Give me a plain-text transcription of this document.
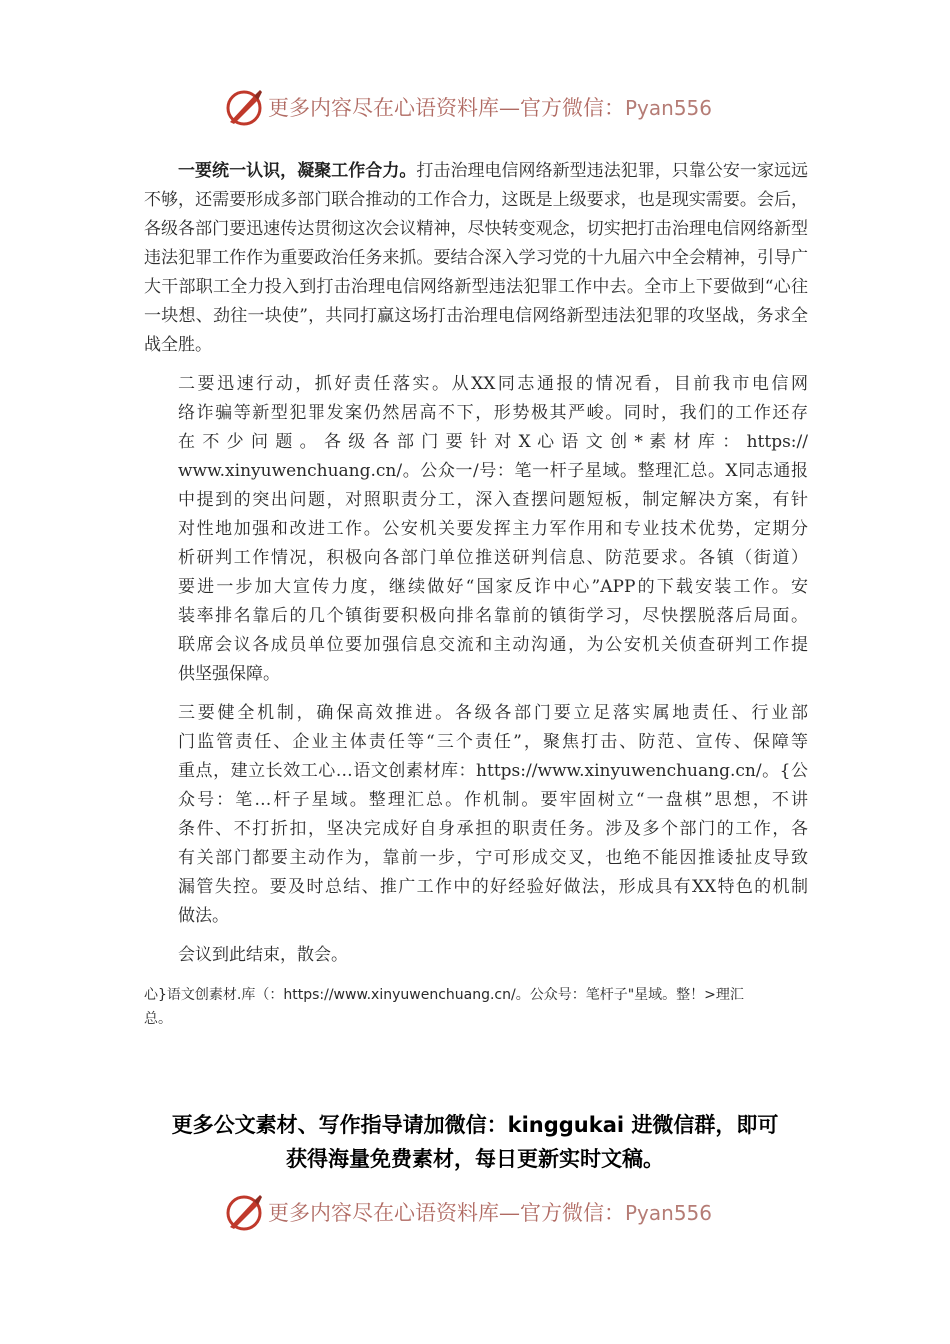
更多内容尽在心语资料库—官方微信：Pyan556

一要统一认识，凝聚工作合力。打击治理电信网络新型违法犯罪，只靠公安一家远远不够，还需要形成多部门联合推动的工作合力，这既是上级要求，也是现实需要。会后，各级各部门要迅速传达贯彻这次会议精神，尽快转变观念，切实把打击治理电信网络新型违法犯罪工作作为重要政治任务来抓。要结合深入学习党的十九届六中全会精神，引导广大干部职工全力投入到打击治理电信网络新型违法犯罪工作中去。全市上下要做到“心往一块想、劲往一块使”，共同打赢这场打击治理电信网络新型违法犯罪的攻坚战，务求全战全胜。

二要迅速行动，抓好责任落实。从XX同志通报的情况看，目前我市电信网
络诈骗等新型犯罪发案仍然居高不下，形势极其严峻。同时，我们的工作还存
在 不 少 问 题 。 各 级 各 部 门 要 针 对 X 心 语 文 创 * 素 材 库 ： https://
www.xinyuwenchuang.cn/。公众一/号：笔一杆子星域。整理汇总。X同志通报
中提到的突出问题，对照职责分工，深入查摆问题短板，制定解决方案，有针
对性地加强和改进工作。公安机关要发挥主力军作用和专业技术优势，定期分
析研判工作情况，积极向各部门单位推送研判信息、防范要求。各镇（街道）
要进一步加大宣传力度，继续做好“国家反诈中心”APP的下载安装工作。安
装率排名靠后的几个镇街要积极向排名靠前的镇街学习，尽快摆脱落后局面。
联席会议各成员单位要加强信息交流和主动沟通，为公安机关侦查研判工作提
供坚强保障。
三要健全机制，确保高效推进。各级各部门要立足落实属地责任、行业部
门监管责任、企业主体责任等“三个责任”，聚焦打击、防范、宣传、保障等
重点，建立长效工心…语文创素材库：https://www.xinyuwenchuang.cn/。{公
众号：笔…杆子星域。整理汇总。作机制。要牢固树立“一盘棋”思想，不讲
条件、不打折扣，坚决完成好自身承担的职责任务。涉及多个部门的工作，各
有关部门都要主动作为，靠前一步，宁可形成交叉，也绝不能因推诿扯皮导致
漏管失控。要及时总结、推广工作中的好经验好做法，形成具有XX特色的机制
做法。

会议到此结束，散会。

心}语文创素材.库（：https://www.xinyuwenchuang.cn/。公众号：笔杆子"星域。整！>理汇
总。
更多公文素材、写作指导请加微信：kinggukai 进微信群，即可
获得海量免费素材，每日更新实时文稿。
更多内容尽在心语资料库—官方微信：Pyan556
